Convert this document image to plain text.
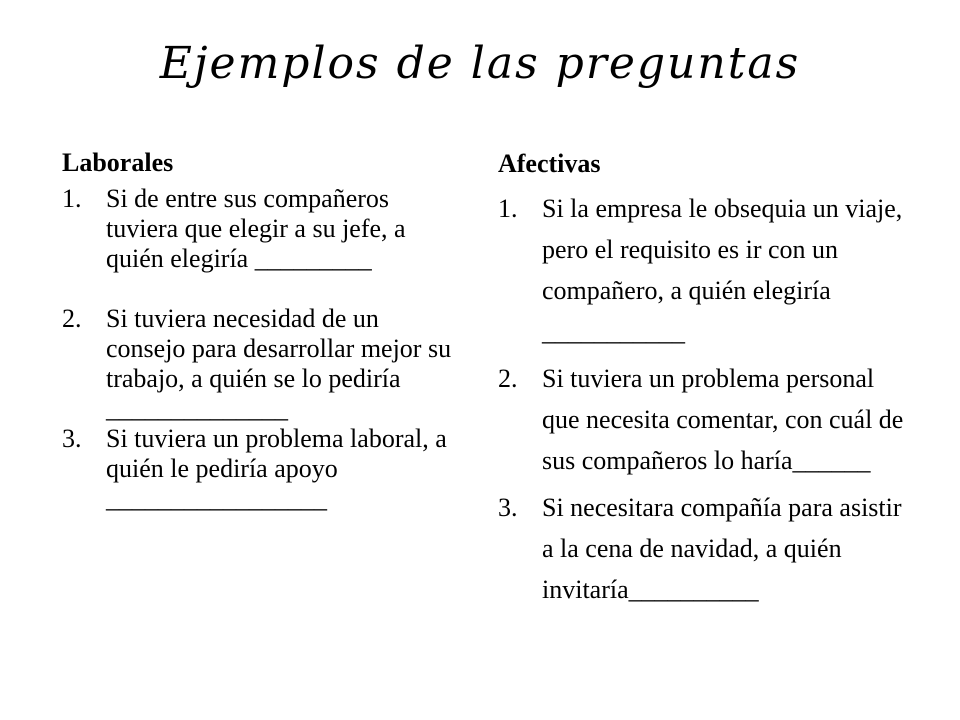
Ejemplos de las preguntas
Laborales
1. Si de entre sus compañeros tuviera que elegir a su jefe, a quién elegiría _________
2. Si tuviera necesidad de un consejo para desarrollar mejor su trabajo, a quién se lo pediría ______________
3. Si tuviera un problema laboral, a quién le pediría apoyo _________________
Afectivas
1. Si la empresa le obsequia un viaje, pero el requisito es ir con un compañero, a quién elegiría ___________
2. Si tuviera un problema personal que necesita comentar, con cuál de sus compañeros lo haría______
3. Si necesitara compañía para asistir a la cena de navidad, a quién invitaría__________
